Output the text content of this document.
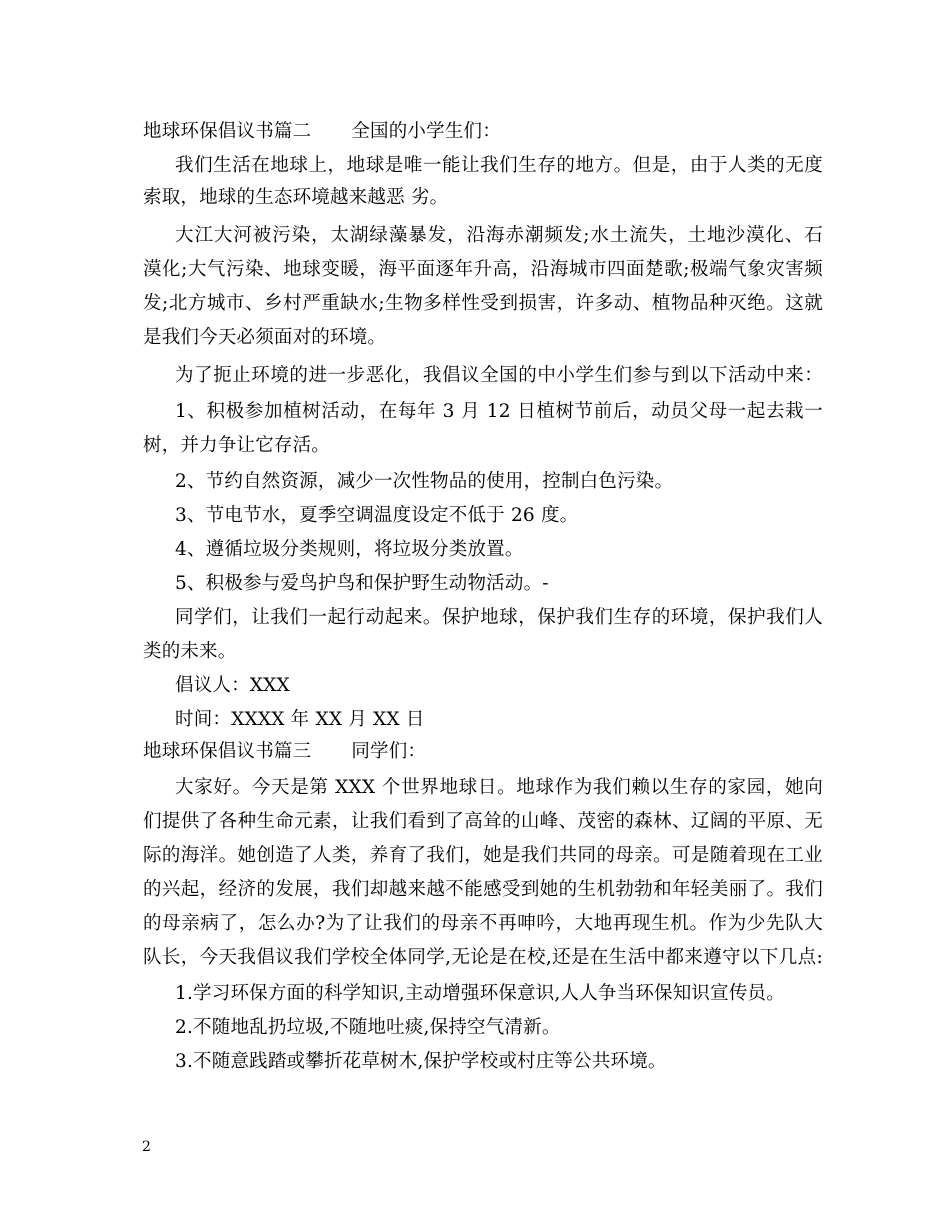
地球环保倡议书篇二 全国的小学生们：
我们生活在地球上，地球是唯一能让我们生存的地方。但是，由于人类的无度
索取，地球的生态环境越来越恶 劣。
大江大河被污染，太湖绿藻暴发，沿海赤潮频发;水土流失，土地沙漠化、石
漠化;大气污染、地球变暖，海平面逐年升高，沿海城市四面楚歌;极端气象灾害频
发;北方城市、乡村严重缺水;生物多样性受到损害，许多动、植物品种灭绝。这就
是我们今天必须面对的环境。
为了扼止环境的进一步恶化，我倡议全国的中小学生们参与到以下活动中来：
1、积极参加植树活动，在每年 3 月 12 日植树节前后，动员父母一起去栽一
树，并力争让它存活。
2、节约自然资源，减少一次性物品的使用，控制白色污染。
3、节电节水，夏季空调温度设定不低于 26 度。
4、遵循垃圾分类规则，将垃圾分类放置。
5、积极参与爱鸟护鸟和保护野生动物活动。-
同学们，让我们一起行动起来。保护地球，保护我们生存的环境，保护我们人
类的未来。
倡议人：XXX
时间：XXXX 年 XX 月 XX 日
地球环保倡议书篇三 同学们：
大家好。今天是第 XXX 个世界地球日。地球作为我们赖以生存的家园，她向
们提供了各种生命元素，让我们看到了高耸的山峰、茂密的森林、辽阔的平原、无
际的海洋。她创造了人类，养育了我们，她是我们共同的母亲。可是随着现在工业
的兴起，经济的发展，我们却越来越不能感受到她的生机勃勃和年轻美丽了。我们
的母亲病了，怎么办?为了让我们的母亲不再呻吟，大地再现生机。作为少先队大
队长，今天我倡议我们学校全体同学,无论是在校,还是在生活中都来遵守以下几点:
1.学习环保方面的科学知识,主动增强环保意识,人人争当环保知识宣传员。
2.不随地乱扔垃圾,不随地吐痰,保持空气清新。
3.不随意践踏或攀折花草树木,保护学校或村庄等公共环境。
2
